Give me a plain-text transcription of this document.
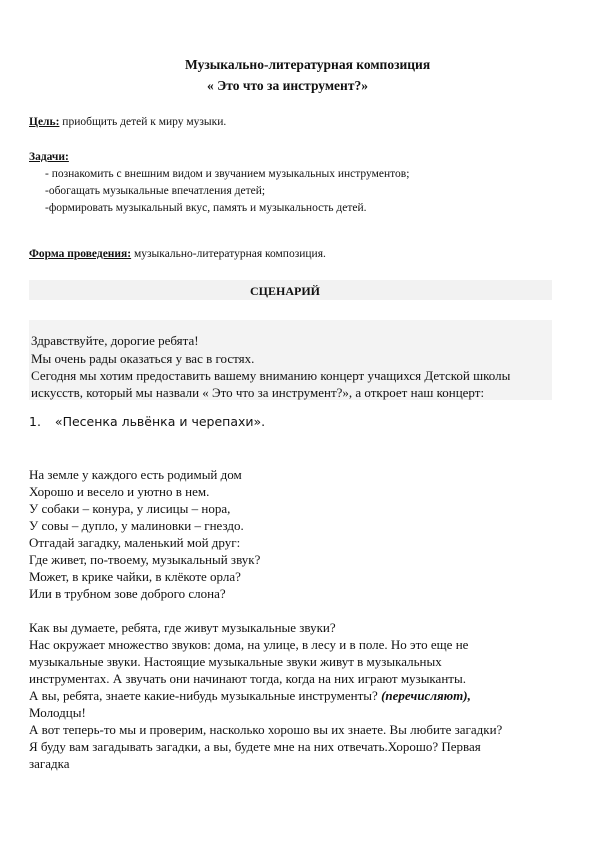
Музыкально-литературная композиция
« Это что за инструмент?»
Цель: приобщить детей к миру музыки.
Задачи:
- познакомить с внешним видом и звучанием музыкальных инструментов;
-обогащать музыкальные впечатления детей;
-формировать музыкальный вкус, память и музыкальность детей.
Форма проведения: музыкально-литературная композиция.
СЦЕНАРИЙ
Здравствуйте, дорогие ребята!
Мы очень рады оказаться у вас в гостях.
Сегодня мы хотим предоставить вашему вниманию концерт учащихся Детской школы
искусств, который мы назвали « Это что за инструмент?», а откроет наш концерт:
1. «Песенка львёнка и черепахи».
На земле у каждого есть родимый дом
Хорошо и весело и уютно в нем.
У собаки – конура, у лисицы – нора,
У совы – дупло, у малиновки – гнездо.
Отгадай загадку, маленький мой друг:
Где живет, по-твоему, музыкальный звук?
Может, в крике чайки, в клёкоте орла?
Или в трубном зове доброго слона?
Как вы думаете, ребята, где живут музыкальные звуки?
Нас окружает множество звуков: дома, на улице, в лесу и в поле. Но это еще не
музыкальные звуки. Настоящие музыкальные звуки живут в музыкальных
инструментах. А звучать они начинают тогда, когда на них играют музыканты.
А вы, ребята, знаете какие-нибудь музыкальные инструменты? (перечисляют),
Молодцы!
А вот теперь-то мы и проверим, насколько хорошо вы их знаете. Вы любите загадки?
Я буду вам загадывать загадки, а вы, будете мне на них отвечать.Хорошо? Первая
загадка
